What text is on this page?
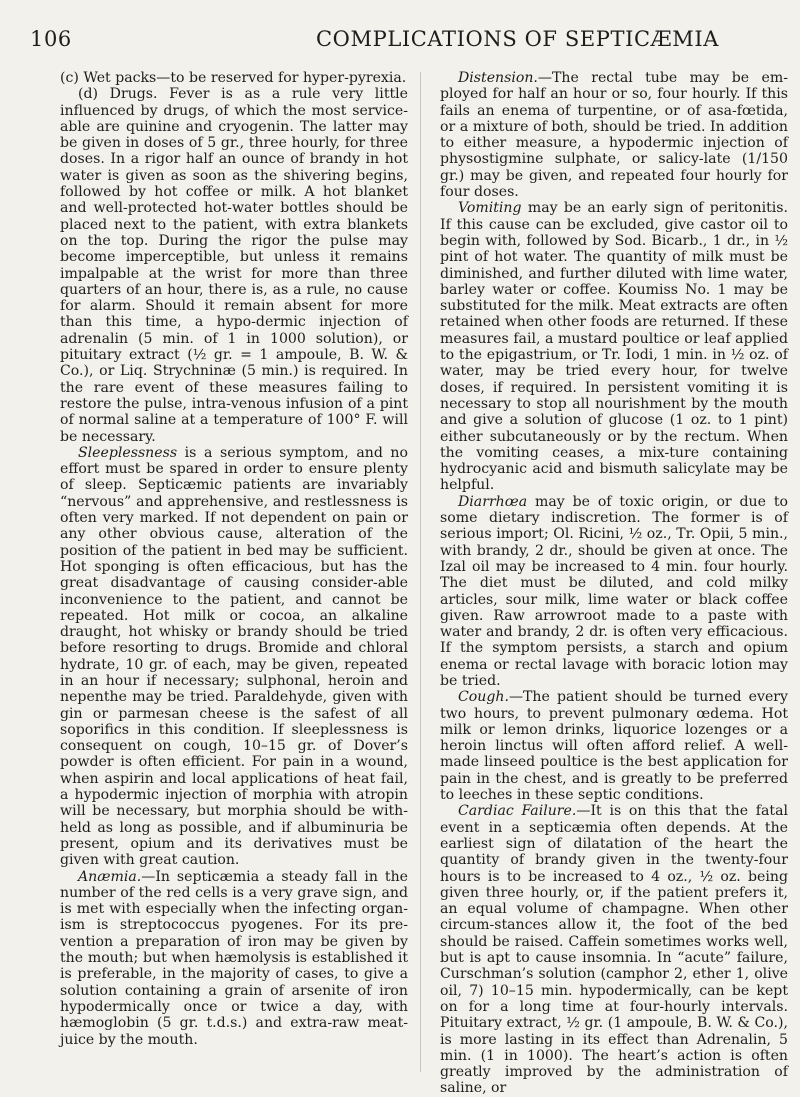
106	COMPLICATIONS OF SEPTICÆMIA

(c) Wet packs—to be reserved for hyper-pyrexia.

(d) Drugs. Fever is as a rule very little influenced by drugs, of which the most service-able are quinine and cryogenin. The latter may be given in doses of 5 gr., three hourly, for three doses. In a rigor half an ounce of brandy in hot water is given as soon as the shivering begins, followed by hot coffee or milk. A hot blanket and well-protected hot-water bottles should be placed next to the patient, with extra blankets on the top. During the rigor the pulse may become imperceptible, but unless it remains impalpable at the wrist for more than three quarters of an hour, there is, as a rule, no cause for alarm. Should it remain absent for more than this time, a hypo-dermic injection of adrenalin (5 min. of 1 in 1000 solution), or pituitary extract (½ gr. = 1 ampoule, B. W. & Co.), or Liq. Strychninæ (5 min.) is required. In the rare event of these measures failing to restore the pulse, intra-venous infusion of a pint of normal saline at a temperature of 100° F. will be necessary.

Sleeplessness is a serious symptom, and no effort must be spared in order to ensure plenty of sleep. Septicæmic patients are invariably “nervous” and apprehensive, and restlessness is often very marked. If not dependent on pain or any other obvious cause, alteration of the position of the patient in bed may be sufficient. Hot sponging is often efficacious, but has the great disadvantage of causing consider-able inconvenience to the patient, and cannot be repeated. Hot milk or cocoa, an alkaline draught, hot whisky or brandy should be tried before resorting to drugs. Bromide and chloral hydrate, 10 gr. of each, may be given, repeated in an hour if necessary; sulphonal, heroin and nepenthe may be tried. Paraldehyde, given with gin or parmesan cheese is the safest of all soporifics in this condition. If sleeplessness is consequent on cough, 10–15 gr. of Dover’s powder is often efficient. For pain in a wound, when aspirin and local applications of heat fail, a hypodermic injection of morphia with atropin will be necessary, but morphia should be with-held as long as possible, and if albuminuria be present, opium and its derivatives must be given with great caution.

Anæmia.—In septicæmia a steady fall in the number of the red cells is a very grave sign, and is met with especially when the infecting organ-ism is streptococcus pyogenes. For its pre-vention a preparation of iron may be given by the mouth; but when hæmolysis is established it is preferable, in the majority of cases, to give a solution containing a grain of arsenite of iron hypodermically once or twice a day, with hæmoglobin (5 gr. t.d.s.) and extra-raw meat-juice by the mouth.

Distension.—The rectal tube may be em-ployed for half an hour or so, four hourly. If this fails an enema of turpentine, or of asa-fœtida, or a mixture of both, should be tried. In addition to either measure, a hypodermic injection of physostigmine sulphate, or salicy-late (1/150 gr.) may be given, and repeated four hourly for four doses.

Vomiting may be an early sign of peritonitis. If this cause can be excluded, give castor oil to begin with, followed by Sod. Bicarb., 1 dr., in ½ pint of hot water. The quantity of milk must be diminished, and further diluted with lime water, barley water or coffee. Koumiss No. 1 may be substituted for the milk. Meat extracts are often retained when other foods are returned. If these measures fail, a mustard poultice or leaf applied to the epigastrium, or Tr. Iodi, 1 min. in ½ oz. of water, may be tried every hour, for twelve doses, if required. In persistent vomiting it is necessary to stop all nourishment by the mouth and give a solution of glucose (1 oz. to 1 pint) either subcutaneously or by the rectum. When the vomiting ceases, a mix-ture containing hydrocyanic acid and bismuth salicylate may be helpful.

Diarrhœa may be of toxic origin, or due to some dietary indiscretion. The former is of serious import; Ol. Ricini, ½ oz., Tr. Opii, 5 min., with brandy, 2 dr., should be given at once. The Izal oil may be increased to 4 min. four hourly. The diet must be diluted, and cold milky articles, sour milk, lime water or black coffee given. Raw arrowroot made to a paste with water and brandy, 2 dr. is often very efficacious. If the symptom persists, a starch and opium enema or rectal lavage with boracic lotion may be tried.

Cough.—The patient should be turned every two hours, to prevent pulmonary œdema. Hot milk or lemon drinks, liquorice lozenges or a heroin linctus will often afford relief. A well-made linseed poultice is the best application for pain in the chest, and is greatly to be preferred to leeches in these septic conditions.

Cardiac Failure.—It is on this that the fatal event in a septicæmia often depends. At the earliest sign of dilatation of the heart the quantity of brandy given in the twenty-four hours is to be increased to 4 oz., ½ oz. being given three hourly, or, if the patient prefers it, an equal volume of champagne. When other circum-stances allow it, the foot of the bed should be raised. Caffein sometimes works well, but is apt to cause insomnia. In “acute” failure, Curschman’s solution (camphor 2, ether 1, olive oil, 7) 10–15 min. hypodermically, can be kept on for a long time at four-hourly intervals. Pituitary extract, ½ gr. (1 ampoule, B. W. & Co.), is more lasting in its effect than Adrenalin, 5 min. (1 in 1000). The heart’s action is often greatly improved by the administration of saline, or
